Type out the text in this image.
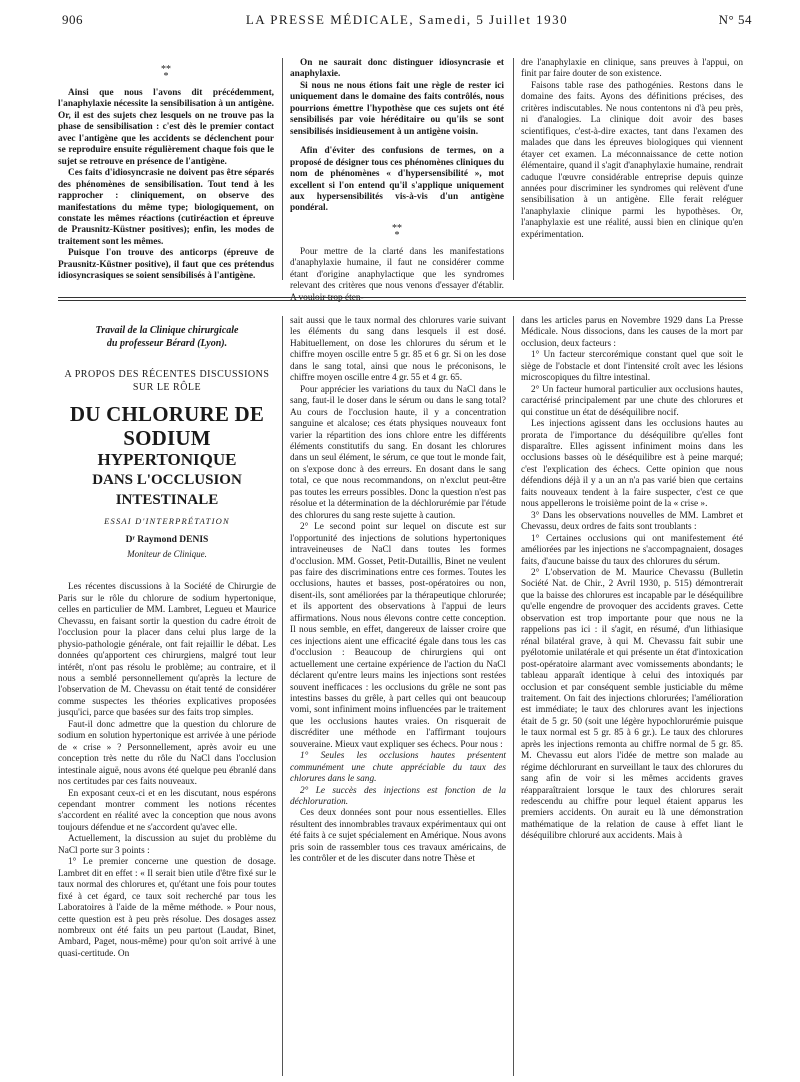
906	LA PRESSE MÉDICALE, Samedi, 5 Juillet 1930	N° 54
**
*

Ainsi que nous l'avons dit précédemment, l'anaphylaxie nécessite la sensibilisation à un antigène. Or, il est des sujets chez lesquels on ne trouve pas la phase de sensibilisation : c'est dès le premier contact avec l'antigène que les accidents se déclenchent pour se reproduire ensuite régulièrement chaque fois que le sujet se retrouve en présence de l'antigène.

Ces faits d'idiosyncrasie ne doivent pas être séparés des phénomènes de sensibilisation. Tout tend à les rapprocher : cliniquement, on observe des manifestations du même type; biologiquement, on constate les mêmes réactions (cutiréaction et épreuve de Prausnitz-Küstner positives); enfin, les modes de traitement sont les mêmes.

Puisque l'on trouve des anticorps (épreuve de Prausnitz-Küstner positive), il faut que ces prétendus idiosyncrasiques se soient sensibilisés à l'antigène.

On ne saurait donc distinguer idiosyncrasie et anaphylaxie.

Si nous ne nous étions fait une règle de rester ici uniquement dans le domaine des faits contrôlés, nous pourrions émettre l'hypothèse que ces sujets ont été sensibilisés par voie héréditaire ou qu'ils se sont sensibilisés insidieusement à un antigène voisin.

Afin d'éviter des confusions de termes, on a proposé de désigner tous ces phénomènes cliniques du nom de phénomènes « d'hypersensibilité », mot excellent si l'on entend qu'il s'applique uniquement aux hypersensibilités vis-à-vis d'un antigène pondéral.

**
*

Pour mettre de la clarté dans les manifestations d'anaphylaxie humaine, il faut ne considérer comme étant d'origine anaphylactique que les syndromes relevant des critères que nous venons d'essayer d'établir.

dre l'anaphylaxie en clinique, sans preuves à l'appui, on finit par faire douter de son existence.

Faisons table rase des pathogénies. Restons dans le domaine des faits. Ayons des définitions précises, des critères indiscutables. Ne nous contentons ni d'à peu près, ni d'analogies. La clinique doit avoir des bases scientifiques, c'est-à-dire exactes, tant dans l'examen des malades que dans les épreuves biologiques qui viennent étayer cet examen. La méconnaissance de cette notion élémentaire, quand il s'agit d'anaphylaxie humaine, rendrait caduque l'œuvre considérable entreprise depuis quinze années pour discriminer les syndromes qui relèvent d'une sensibilisation à un antigène. Elle ferait reléguer l'anaphylaxie clinique parmi les hypothèses. Or, l'anaphylaxie est une réalité, aussi bien en clinique qu'en expérimentation.

Travail de la Clinique chirurgicale
du professeur Bérard (Lyon).
A PROPOS DES RÉCENTES DISCUSSIONS
SUR LE RÔLE
DU CHLORURE DE SODIUM
HYPERTONIQUE
DANS L'OCCLUSION INTESTINALE
ESSAI D'INTERPRÉTATION
Dʳ Raymond DENIS
Moniteur de Clinique.

Les récentes discussions à la Société de Chirurgie de Paris sur le rôle du chlorure de sodium hypertonique, celles en particulier de MM. Lambret, Legueu et Maurice Chevassu, en faisant sortir la question du cadre étroit de l'occlusion pour la placer dans celui plus large de la physio-pathologie générale, ont fait rejaillir le débat. Les données qu'apportent ces chirurgiens, malgré tout leur intérêt, n'ont pas résolu le problème; au contraire, et il nous a semblé personnellement qu'après la lecture de l'observation de M. Chevassu on était tenté de considérer comme suspectes les théories explicatives proposées jusqu'ici, parce que basées sur des faits trop simples.

Faut-il donc admettre que la question du chlorure de sodium en solution hypertonique est arrivée à une période de « crise » ? Personnellement, après avoir eu une conception très nette du rôle du NaCl dans l'occlusion intestinale aiguë, nous avons été quelque peu ébranlé dans nos certitudes par ces faits nouveaux.

En exposant ceux-ci et en les discutant, nous espérons cependant montrer comment les notions récentes s'accordent en réalité avec la conception que nous avons toujours défendue et ne s'accordent qu'avec elle.

Actuellement, la discussion au sujet du problème du NaCl porte sur 3 points :

1° Le premier concerne une question de dosage. Lambret dit en effet : « Il serait bien utile d'être fixé sur le taux normal des chlorures et, qu'étant une fois pour toutes fixé à cet égard, ce taux soit recherché par tous les Laboratoires à l'aide de la même méthode. » Pour nous, cette question est à peu près résolue. Des dosages assez nombreux ont été faits un peu partout (Laudat, Binet, Ambard, Paget, nous-même) pour qu'on soit arrivé à une quasi-certitude. On

sait aussi que le taux normal des chlorures varie suivant les éléments du sang dans lesquels il est dosé. Habituellement, on dose les chlorures du sérum et le chiffre moyen oscille entre 5 gr. 85 et 6 gr. Si on les dose dans le sang total, ainsi que nous le préconisons, le chiffre moyen oscille entre 4 gr. 55 et 4 gr. 65.

Pour apprécier les variations du taux du NaCl dans le sang, faut-il le doser dans le sérum ou dans le sang total? Au cours de l'occlusion haute, il y a concentration sanguine et alcalose; ces états physiques nouveaux font varier la répartition des ions chlore entre les différents éléments constitutifs du sang. En dosant les chlorures dans un seul élément, le sérum, ce que tout le monde fait, on s'expose donc à des erreurs. En dosant dans le sang total, ce que nous recommandons, on n'exclut peut-être pas toutes les erreurs possibles. Donc la question n'est pas résolue et la détermination de la déchlorurémie par l'étude des chlorures du sang reste sujette à caution.

2° Le second point sur lequel on discute est sur l'opportunité des injections de solutions hypertoniques intraveineuses de NaCl dans toutes les formes d'occlusion. MM. Gosset, Petit-Dutaillis, Binet ne veulent pas faire des discriminations entre ces formes. Toutes les occlusions, hautes et basses, post-opératoires ou non, disent-ils, sont améliorées par la thérapeutique chlorurée; et ils apportent des observations à l'appui de leurs affirmations. Nous nous élevons contre cette conception. Il nous semble, en effet, dangereux de laisser croire que ces injections aient une efficacité égale dans tous les cas d'occlusion : Beaucoup de chirurgiens qui ont actuellement une certaine expérience de l'action du NaCl déclarent qu'entre leurs mains les injections sont restées souvent inefficaces : les occlusions du grêle ne sont pas intestins basses du grêle, à part celles qui ont beaucoup vomi, sont infiniment moins influencées par le traitement que les occlusions hautes vraies. On risquerait de discréditer une méthode en l'affirmant toujours souveraine. Mieux vaut expliquer ses échecs. Pour nous :

1° Seules les occlusions hautes présentent communément une chute appréciable du taux des chlorures dans le sang.

2° Le succès des injections est fonction de la déchloruration.

Ces deux données sont pour nous essentielles. Elles résultent des innombrables travaux expérimentaux qui ont été faits à ce sujet spécialement en Amérique. Nous avons pris soin de rassembler tous ces travaux américains, de les contrôler et de les discuter dans notre Thèse et

dans les articles parus en Novembre 1929 dans La Presse Médicale. Nous dissocions, dans les causes de la mort par occlusion, deux facteurs :

1° Un facteur stercorémique constant quel que soit le siège de l'obstacle et dont l'intensité croît avec les lésions microscopiques du filtre intestinal.

2° Un facteur humoral particulier aux occlusions hautes, caractérisé principalement par une chute des chlorures et qui constitue un état de déséquilibre nocif.

Les injections agissent dans les occlusions hautes au prorata de l'importance du déséquilibre qu'elles font disparaître. Elles agissent infiniment moins dans les occlusions basses où le déséquilibre est à peine marqué; c'est l'explication des échecs. Cette opinion que nous défendions déjà il y a un an n'a pas varié bien que certains faits nouveaux tendent à la faire suspecter, c'est ce que nous appellerons le troisième point de la « crise ».

3° Dans les observations nouvelles de MM. Lambret et Chevassu, deux ordres de faits sont troublants :

1° Certaines occlusions qui ont manifestement été améliorées par les injections ne s'accompagnaient, dosages faits, d'aucune baisse du taux des chlorures du sérum.

2° L'observation de M. Maurice Chevassu (Bulletin Société Nat. de Chir., 2 Avril 1930, p. 515) démontrerait que la baisse des chlorures est incapable par le déséquilibre qu'elle engendre de provoquer des accidents graves. Cette observation est trop importante pour que nous ne la rappelions pas ici : il s'agit, en résumé, d'un lithiasique rénal bilatéral grave, à qui M. Chevassu fait subir une pyélotomie unilatérale et qui présente un état d'intoxication post-opératoire alarmant avec vomissements abondants; le tableau apparaît identique à celui des intoxiqués par occlusion et par conséquent semble justiciable du même traitement. On fait des injections chlorurées; l'amélioration est immédiate; le taux des chlorures avant les injections était de 5 gr. 50 (soit une légère hypochlorurémie puisque le taux normal est 5 gr. 85 à 6 gr.). Le taux des chlorures après les injections remonta au chiffre normal de 5 gr. 85. M. Chevassu eut alors l'idée de mettre son malade au régime déchlorurant en surveillant le taux des chlorures du sang afin de voir si les mêmes accidents graves réapparaîtraient lorsque le taux des chlorures serait redescendu au chiffre pour lequel étaient apparus les premiers accidents. On aurait eu là une démonstration mathématique de la relation de cause à effet liant le déséquilibre chloruré aux accidents. Mais à
